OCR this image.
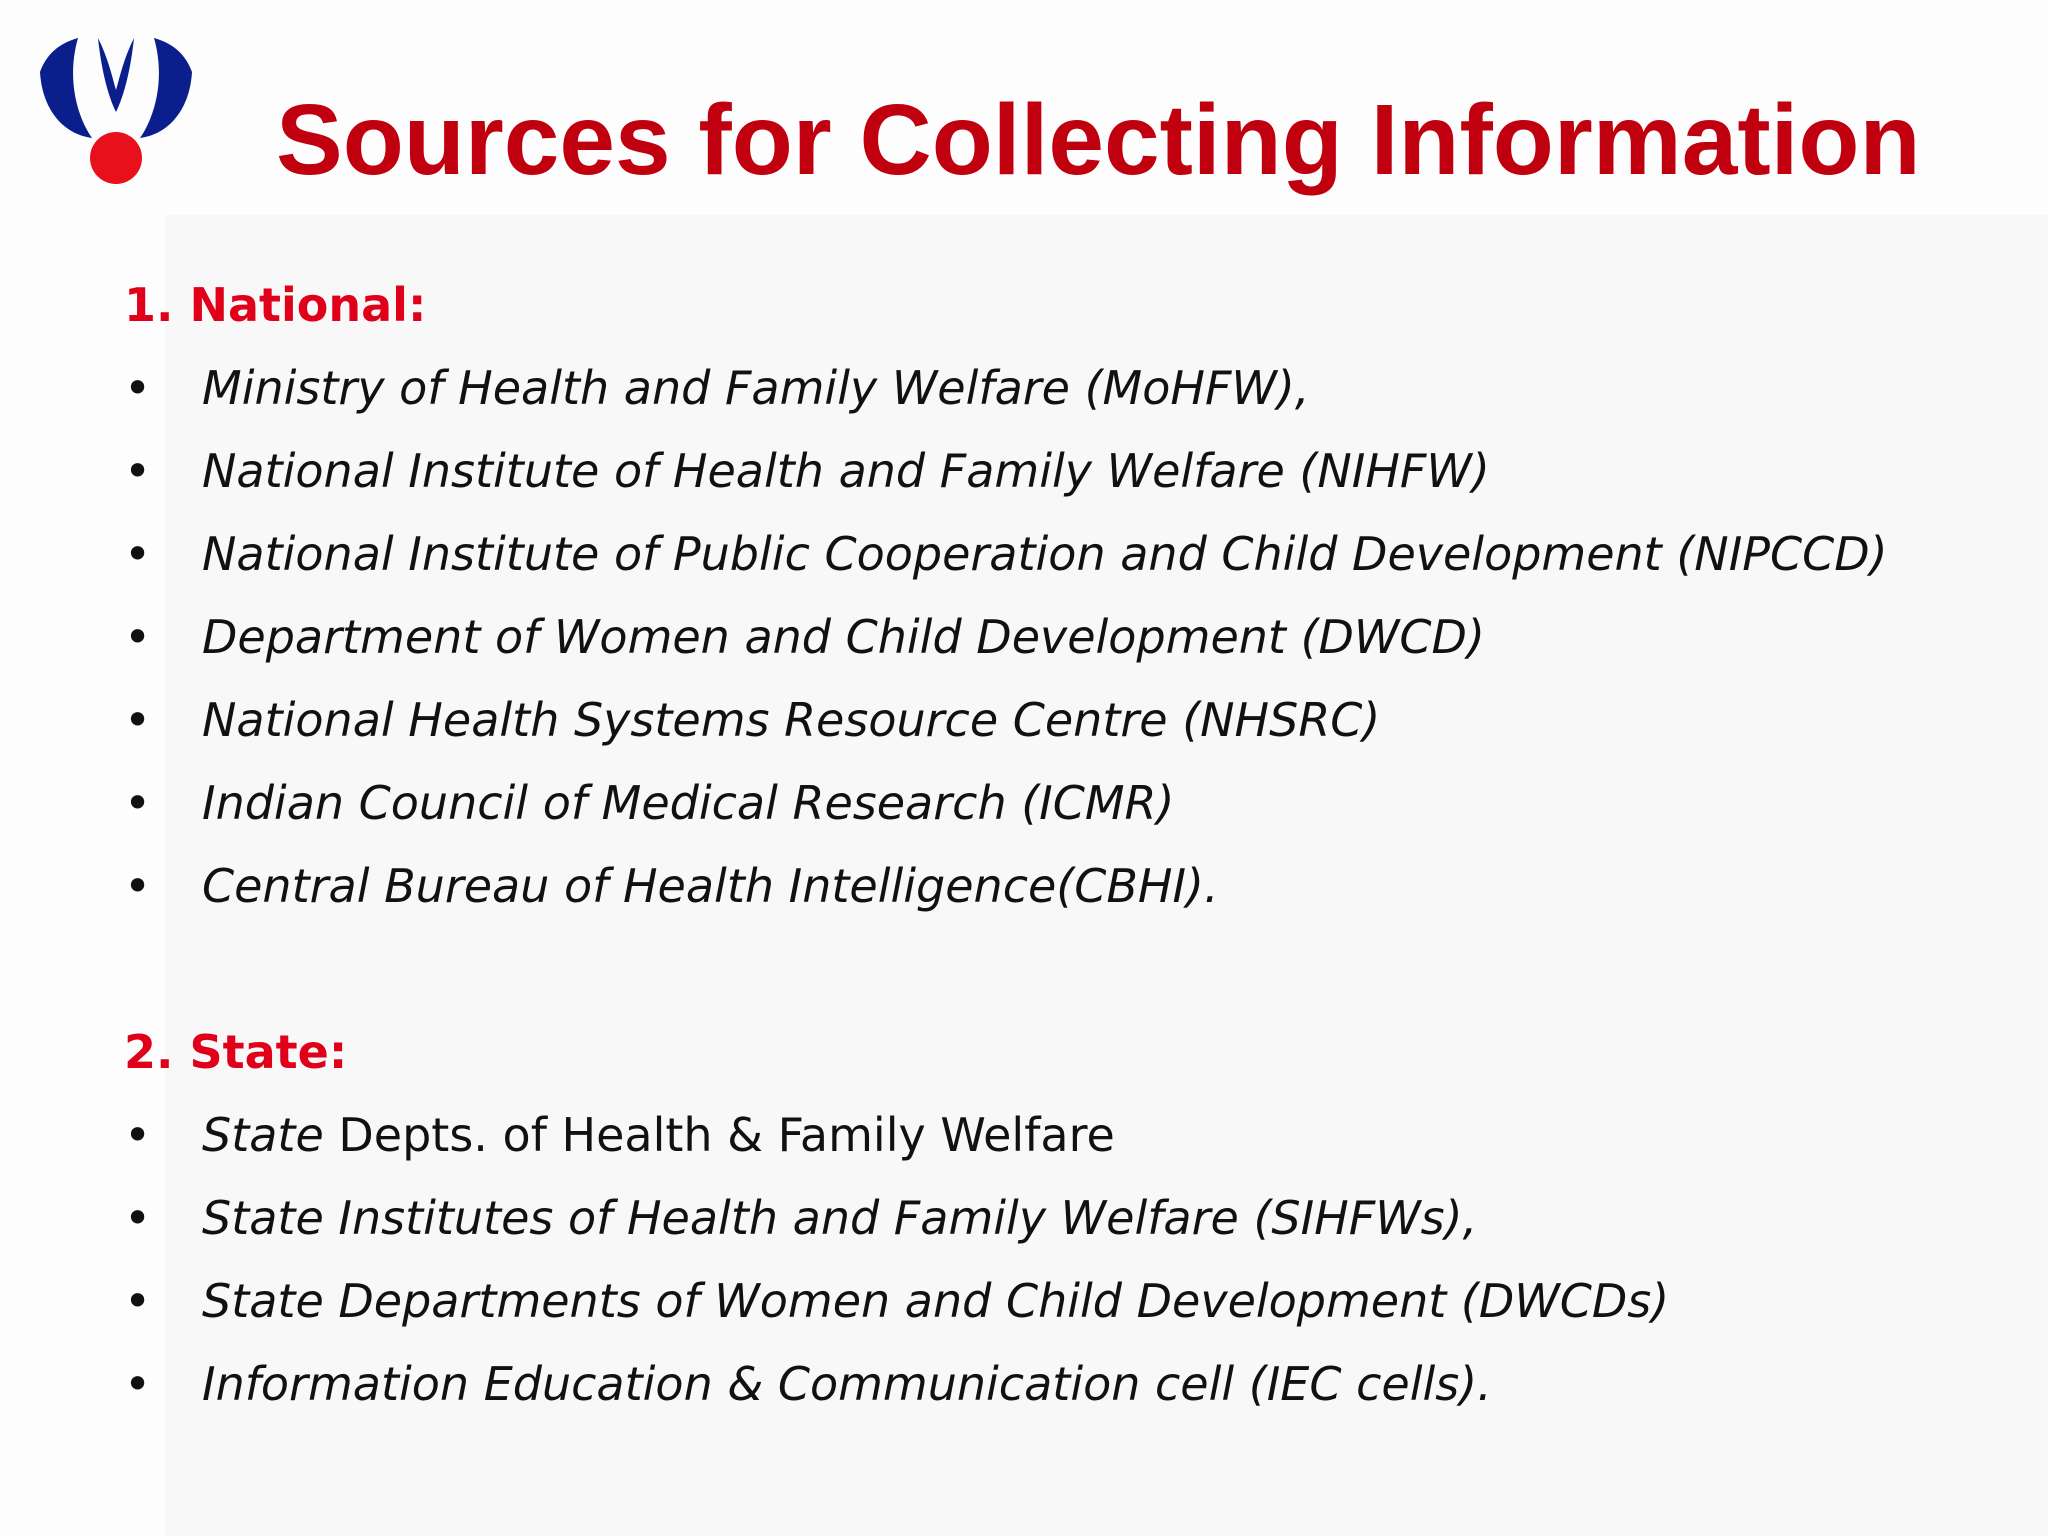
Sources for Collecting Information
1. National:
• Ministry of Health and Family Welfare (MoHFW),
• National Institute of Health and Family Welfare (NIHFW)
• National Institute of Public Cooperation and Child Development (NIPCCD)
• Department of Women and Child Development (DWCD)
• National Health Systems Resource Centre (NHSRC)
• Indian Council of Medical Research (ICMR)
• Central Bureau of Health Intelligence(CBHI).
2. State:
• State Depts. of Health & Family Welfare
• State Institutes of Health and Family Welfare (SIHFWs),
• State Departments of Women and Child Development (DWCDs)
• Information Education & Communication cell (IEC cells).
